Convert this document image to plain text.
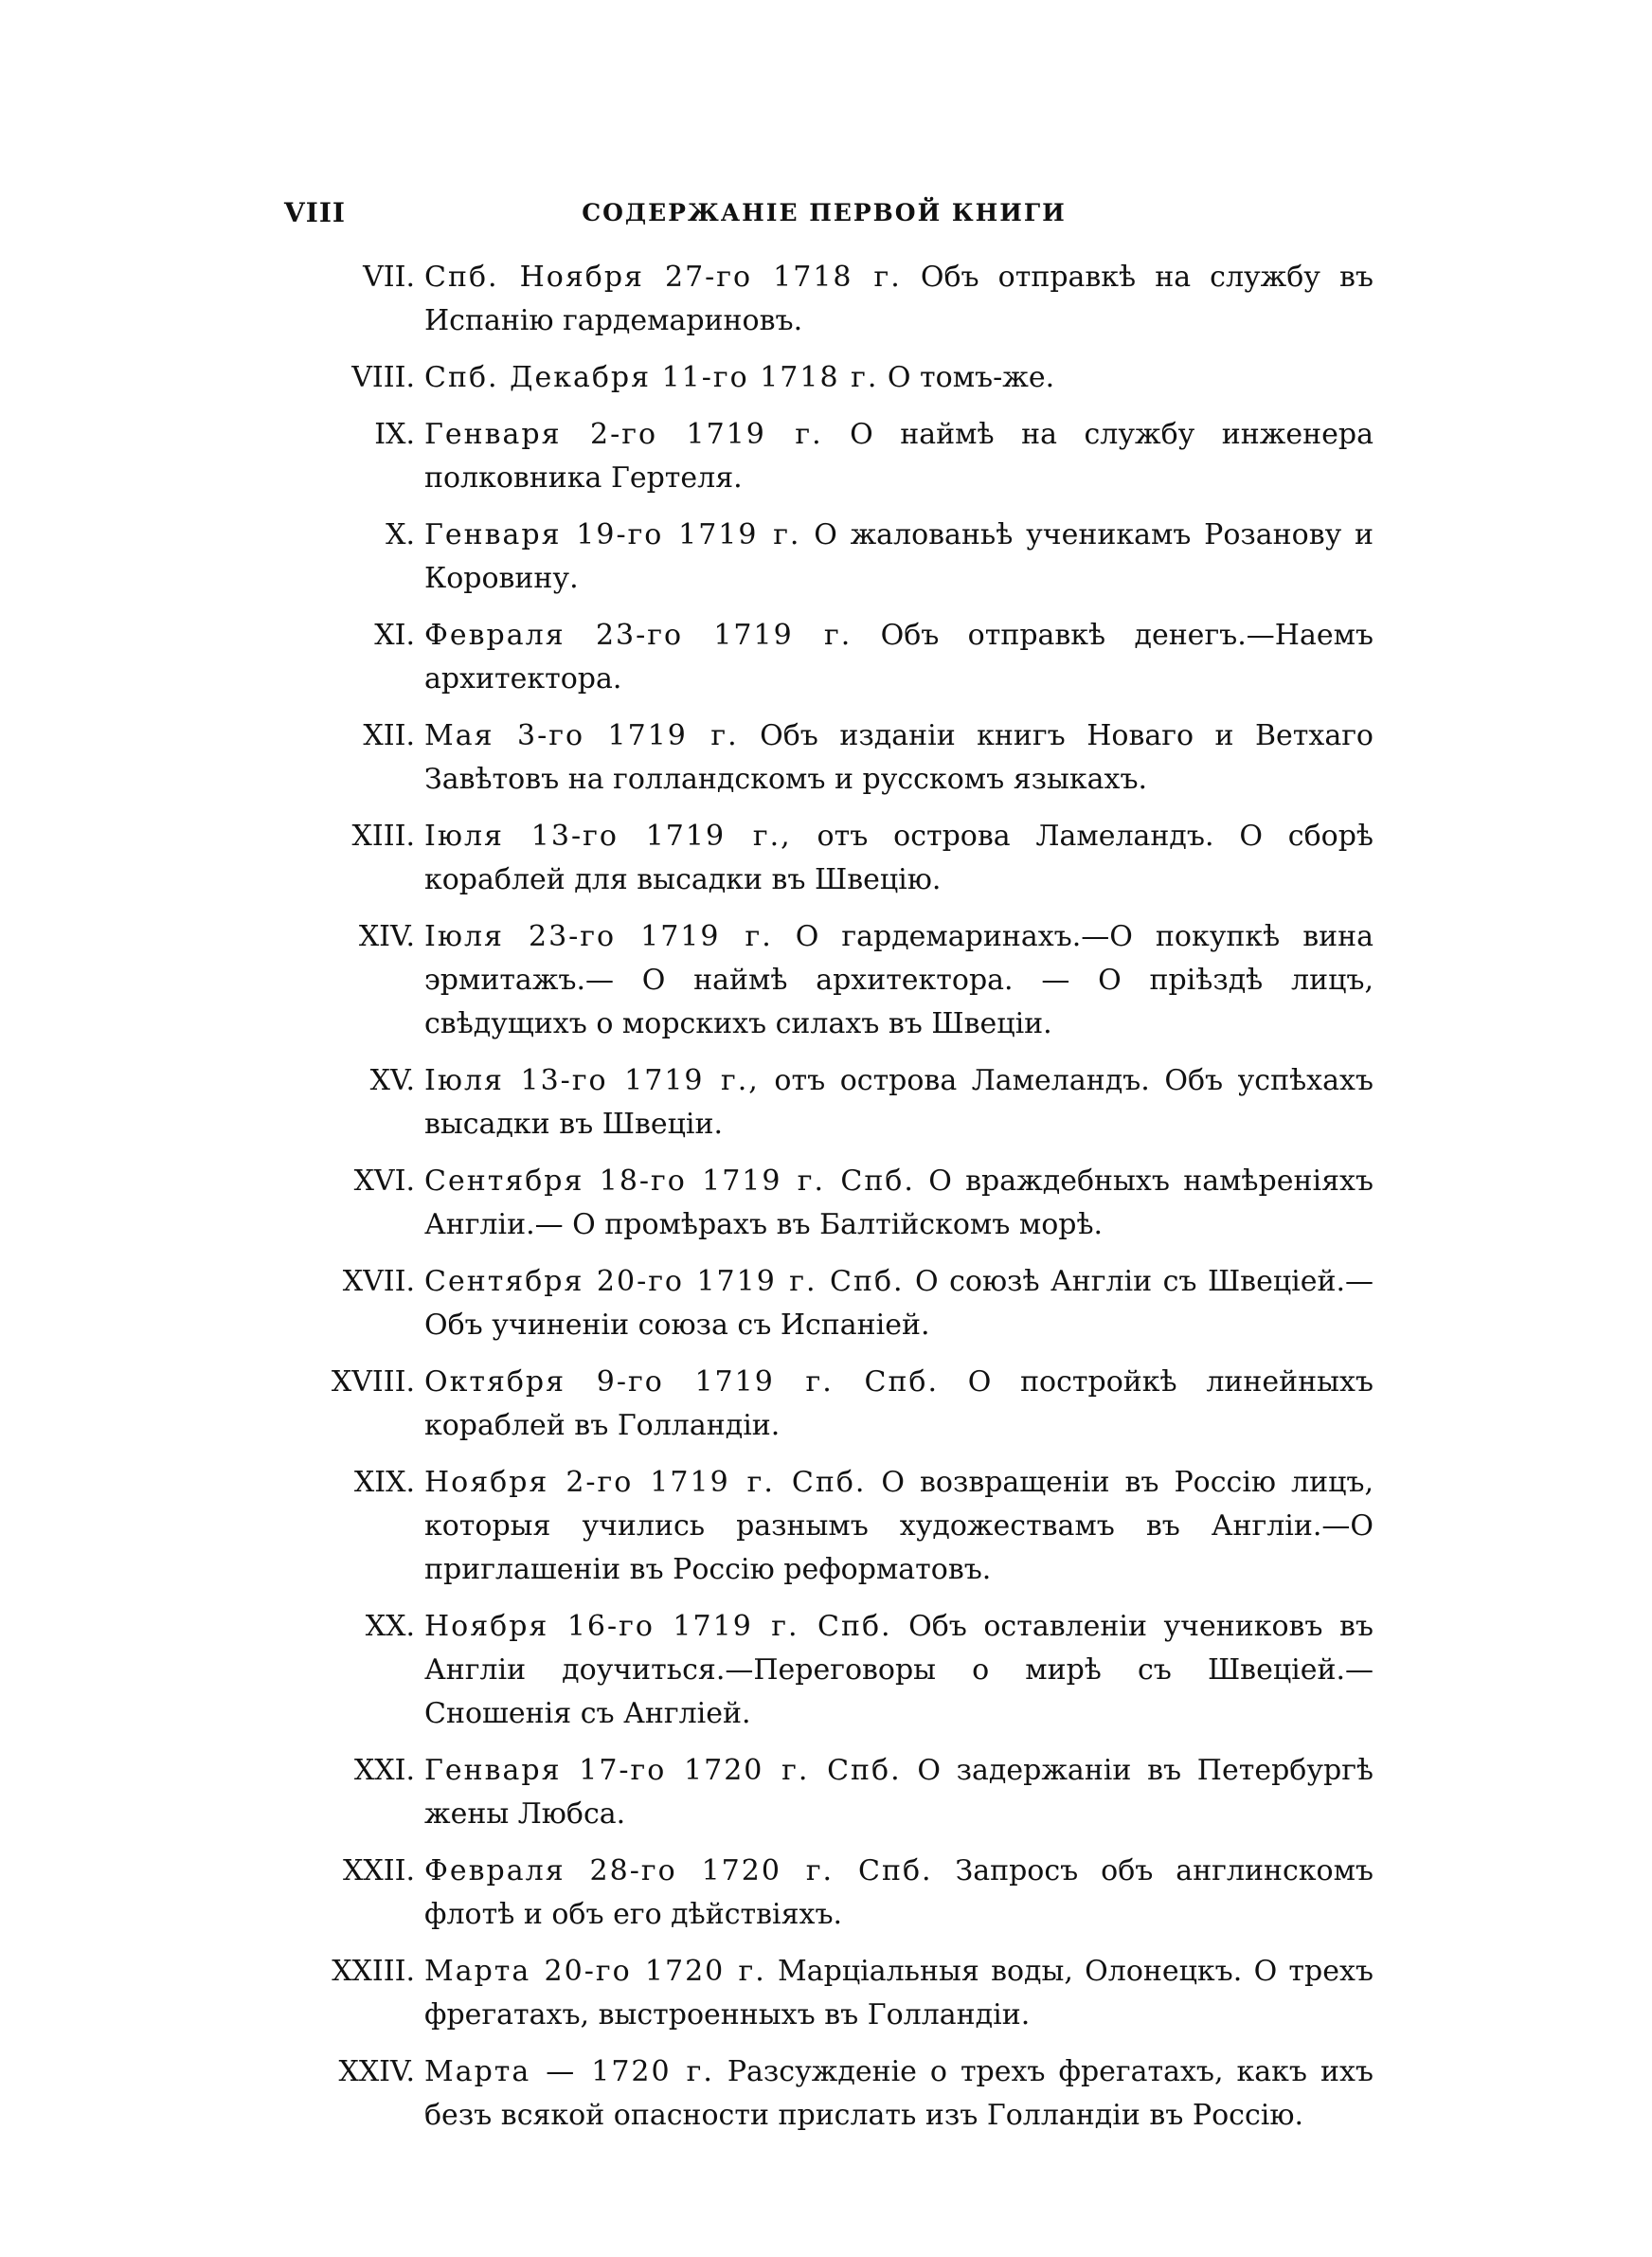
VIII	СОДЕРЖАНІЕ ПЕРВОЙ КНИГИ
VII. Спб. Ноября 27-го 1718 г. Объ отправкѣ на службу въ Испанію гардемариновъ.
VIII. Спб. Декабря 11-го 1718 г. О томъ-же.
IX. Генваря 2-го 1719 г. О наймѣ на службу инженера полковника Гертеля.
X. Генваря 19-го 1719 г. О жалованьѣ ученикамъ Розанову и Коровину.
XI. Февраля 23-го 1719 г. Объ отправкѣ денегъ.—Наемъ архитектора.
XII. Мая 3-го 1719 г. Объ изданіи книгъ Новаго и Ветхаго Завѣтовъ на голландскомъ и русскомъ языкахъ.
XIII. Іюля 13-го 1719 г., отъ острова Ламеландъ. О сборѣ кораблей для высадки въ Швецію.
XIV. Іюля 23-го 1719 г. О гардемаринахъ.—О покупкѣ вина эрмитажъ.— О наймѣ архитектора. — О пріѣздѣ лицъ, свѣдущихъ о морскихъ силахъ въ Швеціи.
XV. Іюля 13-го 1719 г., отъ острова Ламеландъ. Объ успѣхахъ высадки въ Швеціи.
XVI. Сентября 18-го 1719 г. Спб. О враждебныхъ намѣреніяхъ Англіи.— О промѣрахъ въ Балтійскомъ морѣ.
XVII. Сентября 20-го 1719 г. Спб. О союзѣ Англіи съ Швеціей.—Объ учиненіи союза съ Испаніей.
XVIII. Октября 9-го 1719 г. Спб. О постройкѣ линейныхъ кораблей въ Голландіи.
XIX. Ноября 2-го 1719 г. Спб. О возвращеніи въ Россію лицъ, которыя учились разнымъ художествамъ въ Англіи.—О приглашеніи въ Россію реформатовъ.
XX. Ноября 16-го 1719 г. Спб. Объ оставленіи учениковъ въ Англіи доучиться.—Переговоры о мирѣ съ Швеціей.—Сношенія съ Англіей.
XXI. Генваря 17-го 1720 г. Спб. О задержаніи въ Петербургѣ жены Любса.
XXII. Февраля 28-го 1720 г. Спб. Запросъ объ англинскомъ флотѣ и объ его дѣйствіяхъ.
XXIII. Марта 20-го 1720 г. Марціальныя воды, Олонецкъ. О трехъ фрегатахъ, выстроенныхъ въ Голландіи.
XXIV. Марта — 1720 г. Разсужденіе о трехъ фрегатахъ, какъ ихъ безъ всякой опасности прислать изъ Голландіи въ Россію.
